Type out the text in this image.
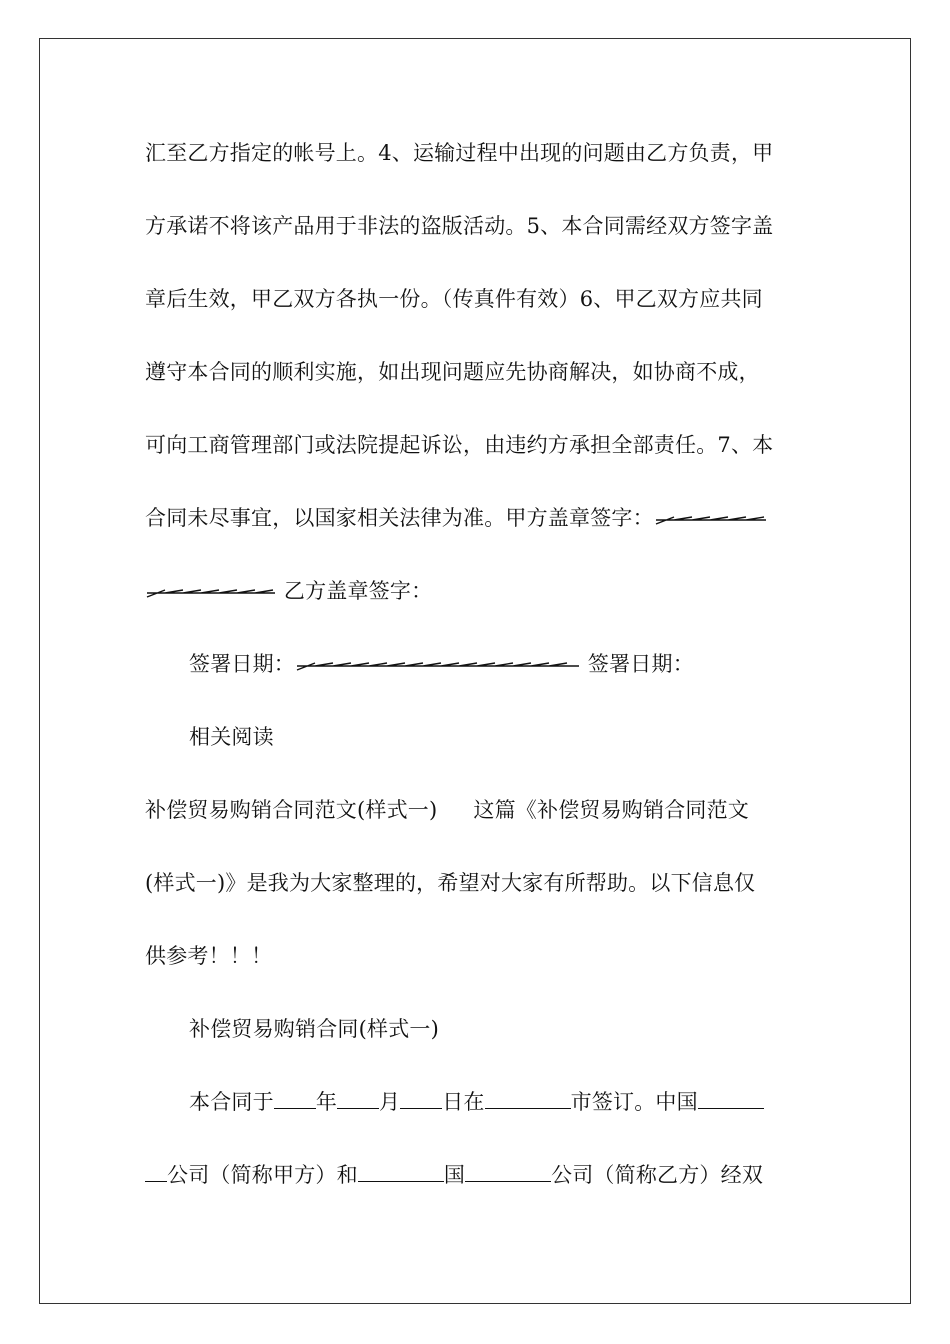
汇至乙方指定的帐号上。4、运输过程中出现的问题由乙方负责，甲
方承诺不将该产品用于非法的盗版活动。5、本合同需经双方签字盖
章后生效，甲乙双方各执一份。（传真件有效）6、甲乙双方应共同
遵守本合同的顺利实施，如出现问题应先协商解决，如协商不成，
可向工商管理部门或法院提起诉讼，由违约方承担全部责任。7、本
合同未尽事宜，以国家相关法律为准。甲方盖章签字：
乙方盖章签字：
签署日期：	签署日期：
相关阅读
补偿贸易购销合同范文(样式一) 这篇《补偿贸易购销合同范文
(样式一)》是我为大家整理的，希望对大家有所帮助。以下信息仅
供参考！！！
补偿贸易购销合同(样式一)
本合同于 年 月 日在	市签订。中国
公司（简称甲方）和	国	公司（简称乙方）经双
